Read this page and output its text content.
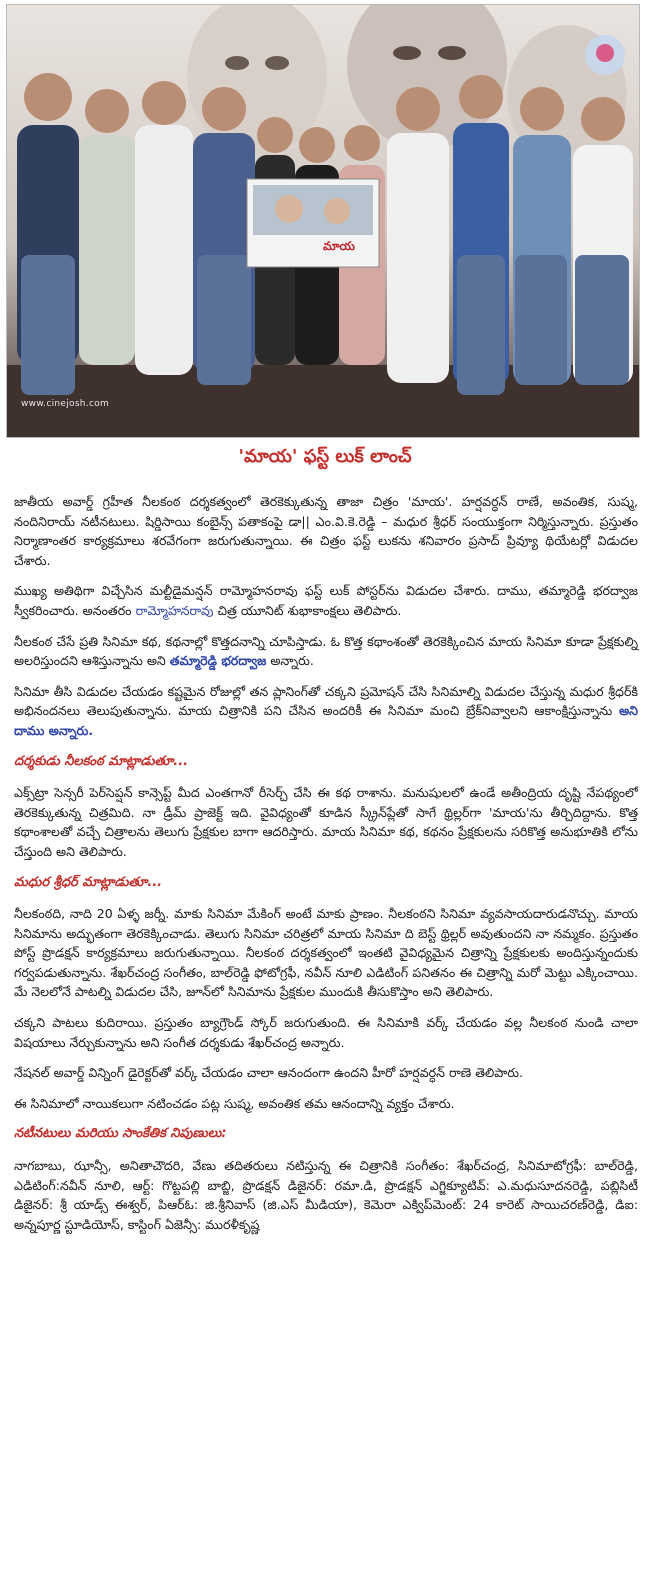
మాయ
www.cinejosh.com
'మాయ' ఫస్ట్ లుక్ లాంచ్

జాతీయ అవార్డ్ గ్రహీత నీలకంఠ దర్శకత్వంలో తెరకెక్కుతున్న తాజా చిత్రం 'మాయ'. హర్షవర్ధన్ రాణే, అవంతిక, సుష్మ, నందినిరాయ్ నటీనటులు. షిర్డిసాయి కంబైన్స్ పతాకంపై డా|| ఎం.వి.కె.రెడ్డి – మధుర శ్రీధర్ సంయుక్తంగా నిర్మిస్తున్నారు. ప్రస్తుతం నిర్మాణాంతర కార్యక్రమాలు శరవేగంగా జరుగుతున్నాయి. ఈ చిత్రం ఫస్ట్ లుకను శనివారం ప్రసాద్ ప్రివ్యూ థియేటర్లో విడుదల చేశారు.

ముఖ్య అతిథిగా విచ్చేసిన మల్టీడైమన్షన్ రామ్మోహనరావు ఫస్ట్ లుక్ పోస్టర్‌ను విడుదల చేశారు. దాము, తమ్మారెడ్డి భరద్వాజ స్వీకరించారు. అనంతరం రామ్మోహనరావు చిత్ర యూనిట్ శుభాకాంక్షలు తెలిపారు.

నీలకంఠ చేసే ప్రతి సినిమా కథ, కథనాల్లో కొత్తదనాన్ని చూపిస్తాడు. ఓ కొత్త కథాంశంతో తెరకెక్కించిన మాయ సినిమా కూడా ప్రేక్షకుల్ని అలరిస్తుందని ఆశిస్తున్నాను అని తమ్మారెడ్డి భరద్వాజ అన్నారు.

సినిమా తీసి విడుదల చేయడం కష్టమైన రోజుల్లో తన ప్లానింగ్‌తో చక్కని ప్రమోషన్ చేసి సినిమాల్ని విడుదల చేస్తున్న మధుర శ్రీధర్‌కి అభినందనలు తెలుపుతున్నాను. మాయ చిత్రానికి పని చేసిన అందరికీ ఈ సినిమా మంచి బ్రేక్‌నివ్వాలని ఆకాంక్షిస్తున్నాను అని దాము అన్నారు.

దర్శకుడు నీలకంఠ మాట్లాడుతూ...

ఎక్స్‌ట్రా సెన్సరీ పెర్‌సెప్షన్ కాన్సెప్ట్ మీద ఎంతగానో రీసెర్చ్ చేసి ఈ కథ రాశాను. మనుషులలో ఉండే అతీంద్రియ దృష్టి నేపథ్యంలో తెరకెక్కుతున్న చిత్రమిది. నా డ్రీమ్ ప్రాజెక్ట్ ఇది. వైవిధ్యంతో కూడిన స్క్రీన్‌ప్లేతో సాగే థ్రిల్లర్‌గా 'మాయ'ను తీర్చిదిద్దాను. కొత్త కథాంశాలతో వచ్చే చిత్రాలను తెలుగు ప్రేక్షకుల బాగా ఆదరిస్తారు. మాయ సినిమా కథ, కథనం ప్రేక్షకులను సరికొత్త అనుభూతికి లోను చేస్తుంది అని తెలిపారు.

మధుర శ్రీధర్ మాట్లాడుతూ...

నీలకంఠది, నాది 20 ఏళ్ళ జర్నీ. మాకు సినిమా మేకింగ్ అంటే మాకు ప్రాణం. నీలకంఠని సినిమా వ్యవసాయదారుడనొచ్చు. మాయ సినిమాను అద్భుతంగా తెరకెక్కించాడు. తెలుగు సినిమా చరిత్రలో మాయ సినిమా ది బెస్ట్ థ్రిల్లర్ అవుతుందని నా నమ్మకం. ప్రస్తుతం పోస్ట్ ప్రొడక్షన్ కార్యక్రమాలు జరుగుతున్నాయి. నీలకంఠ దర్శకత్వంలో ఇంతటి వైవిధ్యమైన చిత్రాన్ని ప్రేక్షకులకు అందిస్తున్నందుకు గర్వపడుతున్నాను. శేఖర్‌చంద్ర సంగీతం, బాల్‌రెడ్డి ఫోటోగ్రఫీ, నవీన్ నూలి ఎడిటింగ్ పనితనం ఈ చిత్రాన్ని మరో మెట్టు ఎక్కించాయి. మే నెలలోనే పాటల్ని విడుదల చేసి, జూన్‌లో సినిమాను ప్రేక్షకుల ముందుకి తీసుకొస్తాం అని తెలిపారు.

చక్కని పాటలు కుదిరాయి. ప్రస్తుతం బ్యాగ్రౌండ్ స్కోర్ జరుగుతుంది. ఈ సినిమాకి వర్క్ చేయడం వల్ల నీలకంఠ నుండి చాలా విషయాలు నేర్చుకున్నాను అని సంగీత దర్శకుడు శేఖర్‌చంద్ర అన్నారు.

నేషనల్ అవార్డ్ విన్నింగ్ డైరెక్టర్‌తో వర్క్ చేయడం చాలా ఆనందంగా ఉందని హీరో హర్షవర్ధన్ రాణె తెలిపారు.

ఈ సినిమాలో నాయికలుగా నటించడం పట్ల సుష్మ, అవంతిక తమ ఆనందాన్ని వ్యక్తం చేశారు.

నటీనటులు మరియు సాంకేతిక నిపుణులు:

నాగబాబు, ఝాన్సీ, అనితాచౌదరి, వేణు తదితరులు నటిస్తున్న ఈ చిత్రానికి సంగీతం: శేఖర్‌చంద్ర, సినిమాటోగ్రఫీ: బాల్‌రెడ్డి, ఎడిటింగ్:నవీన్ నూలి, ఆర్ట్: గొట్టపల్లి బాబ్జి, ప్రొడక్షన్ డిజైనర్: రమా.డి, ప్రొడక్షన్ ఎగ్జిక్యూటివ్: ఎ.మధుసూదనరెడ్డి, పబ్లిసిటీ డిజైనర్: శ్రీ యాడ్స్ ఈశ్వర్, పిఆర్‌ఓ: జి.శ్రీనివాస్ (జి.ఎస్ మీడియా), కెమెరా ఎక్విప్‌మెంట్: 24 కారెట్ సాయిచరణ్‌రెడ్డి, డిఐ: అన్నపూర్ణ స్టూడియోస్, కాస్టింగ్ ఏజెన్సీ: మురళీకృష్ణ
